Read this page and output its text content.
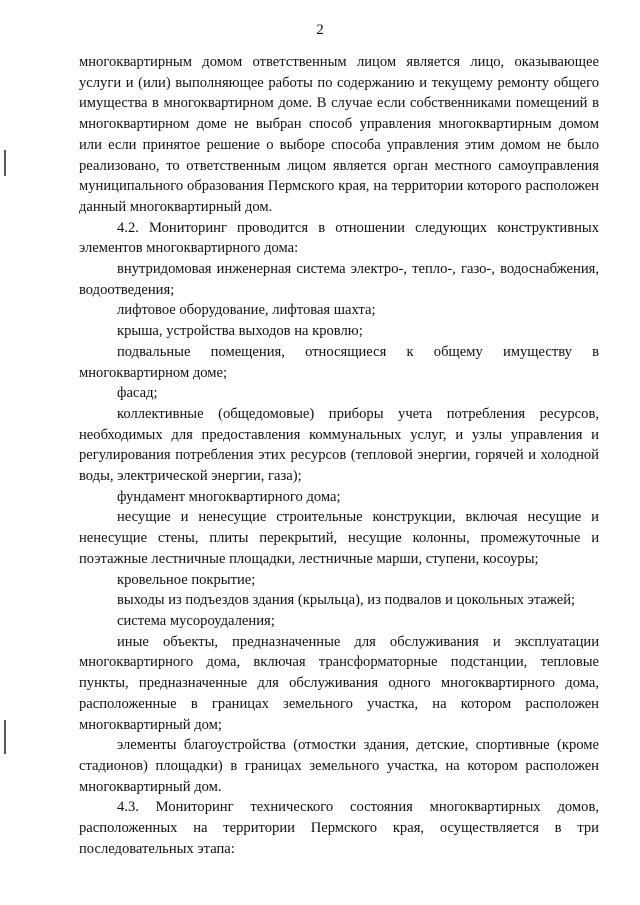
2

многоквартирным домом ответственным лицом является лицо, оказывающее услуги и (или) выполняющее работы по содержанию и текущему ремонту общего имущества в многоквартирном доме. В случае если собственниками помещений в многоквартирном доме не выбран способ управления многоквартирным домом или если принятое решение о выборе способа управления этим домом не было реализовано, то ответственным лицом является орган местного самоуправления муниципального образования Пермского края, на территории которого расположен данный многоквартирный дом.

4.2. Мониторинг проводится в отношении следующих конструктивных элементов многоквартирного дома:

внутридомовая инженерная система электро-, тепло-, газо-, водоснабжения, водоотведения;

лифтовое оборудование, лифтовая шахта;

крыша, устройства выходов на кровлю;

подвальные помещения, относящиеся к общему имуществу в многоквартирном доме;

фасад;

коллективные (общедомовые) приборы учета потребления ресурсов, необходимых для предоставления коммунальных услуг, и узлы управления и регулирования потребления этих ресурсов (тепловой энергии, горячей и холодной воды, электрической энергии, газа);

фундамент многоквартирного дома;

несущие и ненесущие строительные конструкции, включая несущие и ненесущие стены, плиты перекрытий, несущие колонны, промежуточные и поэтажные лестничные площадки, лестничные марши, ступени, косоуры;

кровельное покрытие;

выходы из подъездов здания (крыльца), из подвалов и цокольных этажей;

система мусороудаления;

иные объекты, предназначенные для обслуживания и эксплуатации многоквартирного дома, включая трансформаторные подстанции, тепловые пункты, предназначенные для обслуживания одного многоквартирного дома, расположенные в границах земельного участка, на котором расположен многоквартирный дом;

элементы благоустройства (отмостки здания, детские, спортивные (кроме стадионов) площадки) в границах земельного участка, на котором расположен многоквартирный дом.

4.3. Мониторинг технического состояния многоквартирных домов, расположенных на территории Пермского края, осуществляется в три последовательных этапа:
